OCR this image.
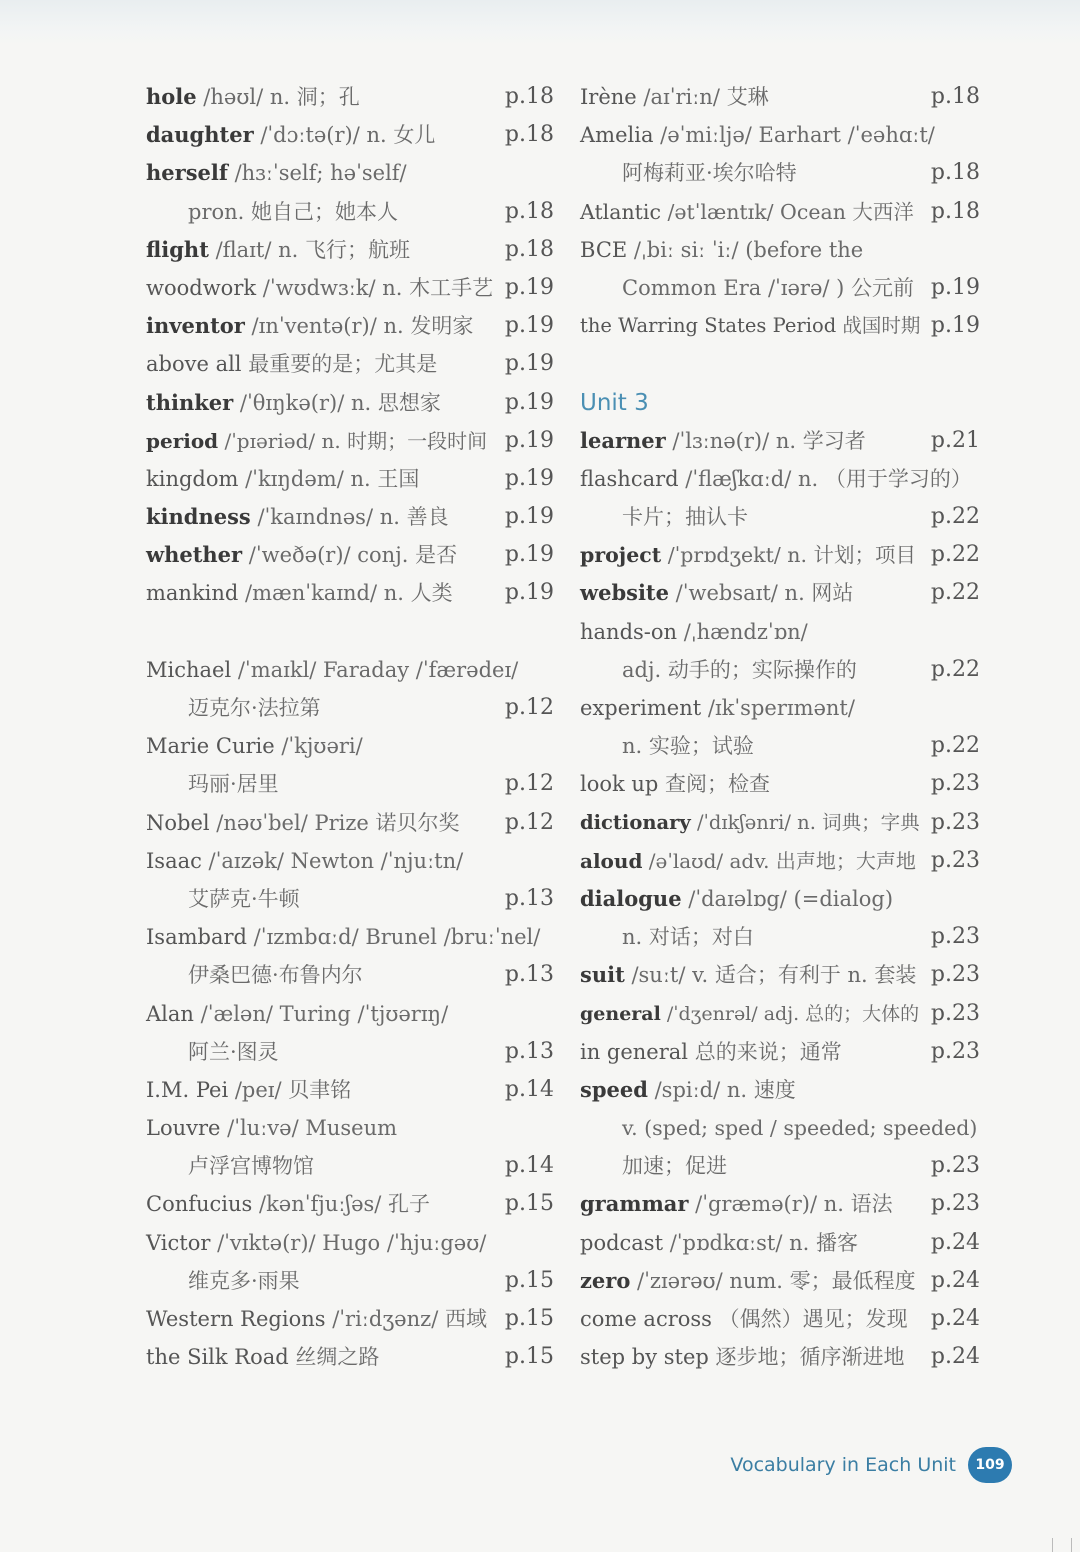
hole /həʊl/ n. 洞；孔	p.18
daughter /ˈdɔːtə(r)/ n. 女儿	p.18
herself /hɜːˈself; həˈself/
pron. 她自己；她本人	p.18
flight /flaɪt/ n. 飞行；航班	p.18
woodwork /ˈwʊdwɜːk/ n. 木工手艺 p.19
inventor /ɪnˈventə(r)/ n. 发明家 p.19
above all 最重要的是；尤其是	p.19
thinker /ˈθɪŋkə(r)/ n. 思想家	p.19
period /ˈpɪəriəd/ n. 时期；一段时间 p.19
kingdom /ˈkɪŋdəm/ n. 王国	p.19
kindness /ˈkaɪndnəs/ n. 善良	p.19
whether /ˈweðə(r)/ conj. 是否 p.19
mankind /mænˈkaɪnd/ n. 人类 p.19
Michael /ˈmaɪkl/ Faraday /ˈfærədeɪ/
迈克尔·法拉第	p.12
Marie Curie /ˈkjʊəri/
玛丽·居里	p.12
Nobel /nəʊˈbel/ Prize 诺贝尔奖 p.12
Isaac /ˈaɪzək/ Newton /ˈnjuːtn/
艾萨克·牛顿	p.13
Isambard /ˈɪzmbɑːd/ Brunel /bruːˈnel/
伊桑巴德·布鲁内尔	p.13
Alan /ˈælən/ Turing /ˈtjʊərɪŋ/
阿兰·图灵	p.13
I.M. Pei /peɪ/ 贝聿铭	p.14
Louvre /ˈluːvə/ Museum
卢浮宫博物馆	p.14
Confucius /kənˈfjuːʃəs/ 孔子	p.15
Victor /ˈvɪktə(r)/ Hugo /ˈhjuːgəʊ/
维克多·雨果	p.15
Western Regions /ˈriːdʒənz/ 西域 p.15
the Silk Road 丝绸之路	p.15
Irène /aɪˈriːn/ 艾琳	p.18
Amelia /əˈmiːljə/ Earhart /ˈeəhɑːt/
阿梅莉亚·埃尔哈特	p.18
Atlantic /ətˈlæntɪk/ Ocean 大西洋 p.18
BCE /ˌbiː siː ˈiː/ (before the
Common Era /ˈɪərə/ ) 公元前 p.19
the Warring States Period 战国时期 p.19
Unit 3
learner /ˈlɜːnə(r)/ n. 学习者	p.21
flashcard /ˈflæʃkɑːd/ n. （用于学习的）
卡片；抽认卡	p.22
project /ˈprɒdʒekt/ n. 计划；项目 p.22
website /ˈwebsaɪt/ n. 网站	p.22
hands-on /ˌhændzˈɒn/
adj. 动手的；实际操作的	p.22
experiment /ɪkˈsperɪmənt/
n. 实验；试验	p.22
look up 查阅；检查	p.23
dictionary /ˈdɪkʃənri/ n. 词典；字典 p.23
aloud /əˈlaʊd/ adv. 出声地；大声地 p.23
dialogue /ˈdaɪəlɒg/ (=dialog)
n. 对话；对白	p.23
suit /suːt/ v. 适合；有利于 n. 套装 p.23
general /ˈdʒenrəl/ adj. 总的；大体的 p.23
in general 总的来说；通常	p.23
speed /spiːd/ n. 速度
v. (sped; sped / speeded; speeded)
加速；促进	p.23
grammar /ˈgræmə(r)/ n. 语法 p.23
podcast /ˈpɒdkɑːst/ n. 播客	p.24
zero /ˈzɪərəʊ/ num. 零；最低程度 p.24
come across （偶然）遇见；发现 p.24
step by step 逐步地；循序渐进地 p.24
Vocabulary in Each Unit	109
